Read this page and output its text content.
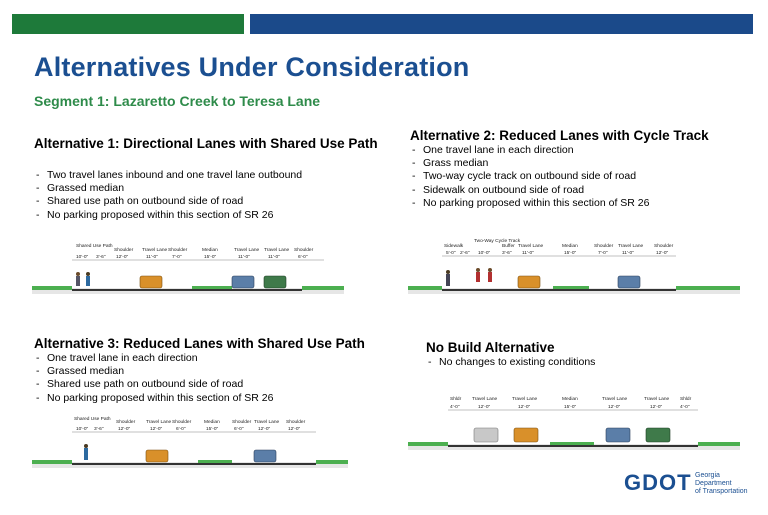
Alternatives Under Consideration
Segment 1: Lazaretto Creek to Teresa Lane
Alternative 1: Directional Lanes with Shared Use Path
- Two travel lanes inbound and one travel lane outbound
- Grassed median
- Shared use path on outbound side of road
- No parking proposed within this section of SR 26
Shared Use Path
10'-0" 3'-6"
Shoulder
12'-0"
Travel Lane
11'-0"
Shoulder
7'-0"
Median
15'-0"
Travel Lane
11'-0"
Travel Lane
11'-0"
Shoulder
6'-0"
Alternative 2: Reduced Lanes with Cycle Track
- One travel lane in each direction
- Grass median
- Two-way cycle track on outbound side of road
- Sidewalk on outbound side of road
- No parking proposed within this section of SR 26
Sidewalk
5'-0" 2'-6"
Two-Way Cycle Track
10'-0"
Buffer
3'-6"
Travel Lane
11'-0"
Median
15'-0"
Shoulder
7'-0"
Travel Lane
11'-0"
Shoulder
12'-0"
Alternative 3: Reduced Lanes with Shared Use Path
- One travel lane in each direction
- Grassed median
- Shared use path on outbound side of road
- No parking proposed within this section of SR 26
Shared Use Path
10'-0" 3'-6"
Shoulder
12'-0"
Travel Lane
12'-0"
Shoulder
6'-0"
Median
15'-0"
Shoulder
6'-0"
Travel Lane
12'-0"
Shoulder
12'-0"
No Build Alternative
- No changes to existing conditions
Shldr
4'-0"
Travel Lane
12'-0"
Travel Lane
12'-0"
Median
15'-0"
Travel Lane
12'-0"
Travel Lane
12'-0"
Shldr
4'-0"
GDOT Georgia
Department
of Transportation
